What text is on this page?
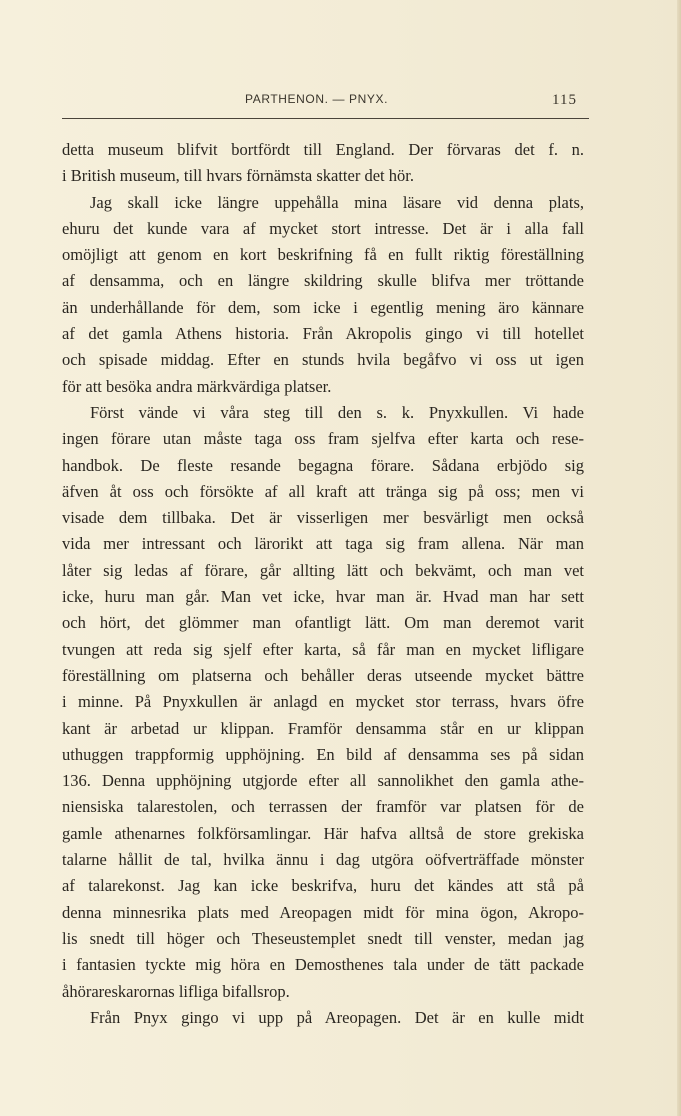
PARTHENON. — PNYX.	115
detta museum blifvit bortfördt till England. Der förvaras det f. n.
i British museum, till hvars förnämsta skatter det hör.
Jag skall icke längre uppehålla mina läsare vid denna plats,
ehuru det kunde vara af mycket stort intresse. Det är i alla fall
omöjligt att genom en kort beskrifning få en fullt riktig föreställning
af densamma, och en längre skildring skulle blifva mer tröttande
än underhållande för dem, som icke i egentlig mening äro kännare
af det gamla Athens historia. Från Akropolis gingo vi till hotellet
och spisade middag. Efter en stunds hvila begåfvo vi oss ut igen
för att besöka andra märkvärdiga platser.
Först vände vi våra steg till den s. k. Pnyxkullen. Vi hade
ingen förare utan måste taga oss fram sjelfva efter karta och rese-
handbok. De fleste resande begagna förare. Sådana erbjödo sig
äfven åt oss och försökte af all kraft att tränga sig på oss; men vi
visade dem tillbaka. Det är visserligen mer besvärligt men också
vida mer intressant och lärorikt att taga sig fram allena. När man
låter sig ledas af förare, går allting lätt och bekvämt, och man vet
icke, huru man går. Man vet icke, hvar man är. Hvad man har sett
och hört, det glömmer man ofantligt lätt. Om man deremot varit
tvungen att reda sig sjelf efter karta, så får man en mycket lifligare
föreställning om platserna och behåller deras utseende mycket bättre
i minne. På Pnyxkullen är anlagd en mycket stor terrass, hvars öfre
kant är arbetad ur klippan. Framför densamma står en ur klippan
uthuggen trappformig upphöjning. En bild af densamma ses på sidan
136. Denna upphöjning utgjorde efter all sannolikhet den gamla athe-
niensiska talarestolen, och terrassen der framför var platsen för de
gamle athenarnes folkförsamlingar. Här hafva alltså de store grekiska
talarne hållit de tal, hvilka ännu i dag utgöra oöfverträffade mönster
af talarekonst. Jag kan icke beskrifva, huru det kändes att stå på
denna minnesrika plats med Areopagen midt för mina ögon, Akropo-
lis snedt till höger och Theseustemplet snedt till venster, medan jag
i fantasien tyckte mig höra en Demosthenes tala under de tätt packade
åhörareskarornas lifliga bifallsrop.
Från Pnyx gingo vi upp på Areopagen. Det är en kulle midt
